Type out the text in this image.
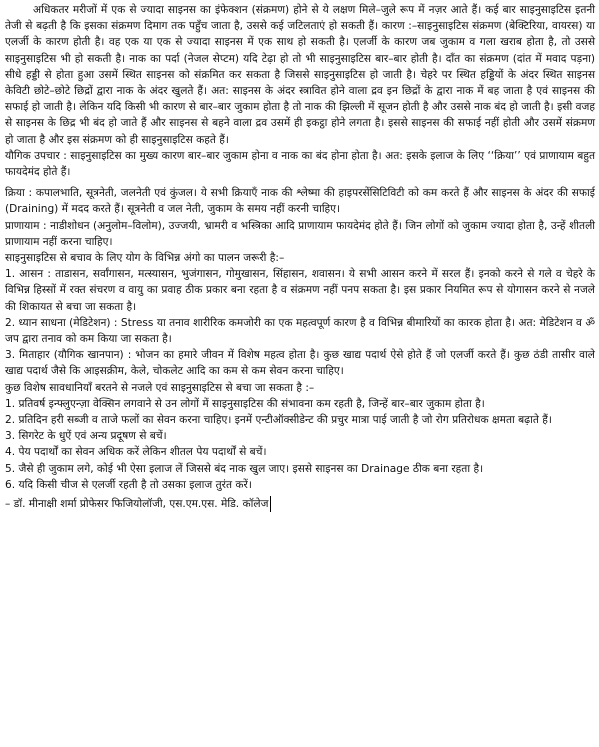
अधिकतर मरीजों में एक से ज्यादा साइनस का इंफेक्शन (संक्रमण) होने से ये लक्षण मिले–जुले रूप में नज़र आते हैं। कई बार साइनुसाइटिस इतनी तेजी से बढ़ती है कि इसका संक्रमण दिमाग तक पहुँच जाता है, उससे कई जटिलताएं हो सकती हैं। कारण :–साइनुसाइटिस संक्रमण (बेक्टिरिया, वायरस) या एलर्जी के कारण होती है। वह एक या एक से ज्यादा साइनस में एक साथ हो सकती है। एलर्जी के कारण जब जुकाम व गला खराब होता है, तो उससे साइनुसाइटिस भी हो सकती है। नाक का पर्दा (नेजल सेप्टम) यदि टेढ़ा हो तो भी साइनुसाइटिस बार–बार होती है। दाँत का संक्रमण (दांत में मवाद पड़ना) सीधे हड्डी से होता हुआ उसमें स्थित साइनस को संक्रमित कर सकता है जिससे साइनुसाइटिस हो जाती है। चेहरे पर स्थित हड्डियों के अंदर स्थित साइनस केविटी छोटे–छोटे छिद्रों द्वारा नाक के अंदर खुलते हैं। अत: साइनस के अंदर स्त्रावित होने वाला द्रव इन छिद्रों के द्वारा नाक में बह जाता है एवं साइनस की सफाई हो जाती है। लेकिन यदि किसी भी कारण से बार–बार जुकाम होता है तो नाक की झिल्ली में सूजन होती है और उससे नाक बंद हो जाती है। इसी वजह से साइनस के छिद्र भी बंद हो जाते हैं और साइनस से बहने वाला द्रव उसमें ही इकट्ठा होने लगता है। इससे साइनस की सफाई नहीं होती और उसमें संक्रमण हो जाता है और इस संक्रमण को ही साइनुसाइटिस कहते हैं।

यौगिक उपचार : साइनुसाइटिस का मुख्य कारण बार–बार जुकाम होना व नाक का बंद होना होता है। अत: इसके इलाज के लिए ‘‘क्रिया’’ एवं प्राणायाम बहुत फायदेमंद होते हैं।

क्रिया : कपालभाति, सूत्रनेती, जलनेती एवं कुंजल। ये सभी क्रियाएँ नाक की श्लेष्मा की हाइपरसेंसिटिविटी को कम करते हैं और साइनस के अंदर की सफाई (Draining) में मदद करते हैं। सूत्रनेती व जल नेती, जुकाम के समय नहीं करनी चाहिए।

प्राणायाम : नाडीशोधन (अनुलोम–विलोम), उज्जयी, भ्रामरी व भस्त्रिका आदि प्राणायाम फायदेमंद होते हैं। जिन लोगों को जुकाम ज्यादा होता है, उन्हें शीतली प्राणायाम नहीं करना चाहिए।

साइनुसाइटिस से बचाव के लिए योग के विभिन्न अंगो का पालन जरूरी है:–

1. आसन : ताडासन, सर्वांगासन, मत्स्यासन, भुजंगासन, गोमुखासन, सिंहासन, शवासन। ये सभी आसन करने में सरल हैं। इनको करने से गले व चेहरे के विभिन्न हिस्सों में रक्त संचरण व वायु का प्रवाह ठीक प्रकार बना रहता है व संक्रमण नहीं पनप सकता है। इस प्रकार नियमित रूप से योगासन करने से नजले की शिकायत से बचा जा सकता है।

2. ध्यान साधना (मेडिटेशन) : Stress या तनाव शारीरिक कमजोरी का एक महत्वपूर्ण कारण है व विभिन्न बीमारियों का कारक होता है। अत: मेडिटेशन व ॐ जप द्वारा तनाव को कम किया जा सकता है।

3. मिताहार (यौगिक खानपान) : भोजन का हमारे जीवन में विशेष महत्व होता है। कुछ खाद्य पदार्थ ऐसे होते हैं जो एलर्जी करते हैं। कुछ ठंडी तासीर वाले खाद्य पदार्थ जैसे कि आइसक्रीम, केले, चोकलेट आदि का कम से कम सेवन करना चाहिए।

कुछ विशेष सावधानियाँ बरतने से नजले एवं साइनुसाइटिस से बचा जा सकता है :–

1. प्रतिवर्ष इन्फ्लुएन्ज़ा वेक्सिन लगवाने से उन लोगों में साइनुसाइटिस की संभावना कम रहती है, जिन्हें बार–बार जुकाम होता है।

2. प्रतिदिन हरी सब्जी व ताजे फलों का सेवन करना चाहिए। इनमें एन्टीऑक्सीडेन्ट की प्रचुर मात्रा पाई जाती है जो रोग प्रतिरोधक क्षमता बढ़ाते हैं।

3. सिगरेट के धुऐं एवं अन्य प्रदूषण से बचें।

4. पेय पदार्थों का सेवन अधिक करें लेकिन शीतल पेय पदार्थों से बचें।

5. जैसे ही जुकाम लगे, कोई भी ऐसा इलाज लें जिससे बंद नाक खुल जाए। इससे साइनस का Drainage ठीक बना रहता है।

6. यदि किसी चीज से एलर्जी रहती है तो उसका इलाज तुरंत करें।

– डॉ. मीनाक्षी शर्मा प्रोफेसर फिजियोलॉजी, एस.एम.एस. मेडि. कॉलेज
